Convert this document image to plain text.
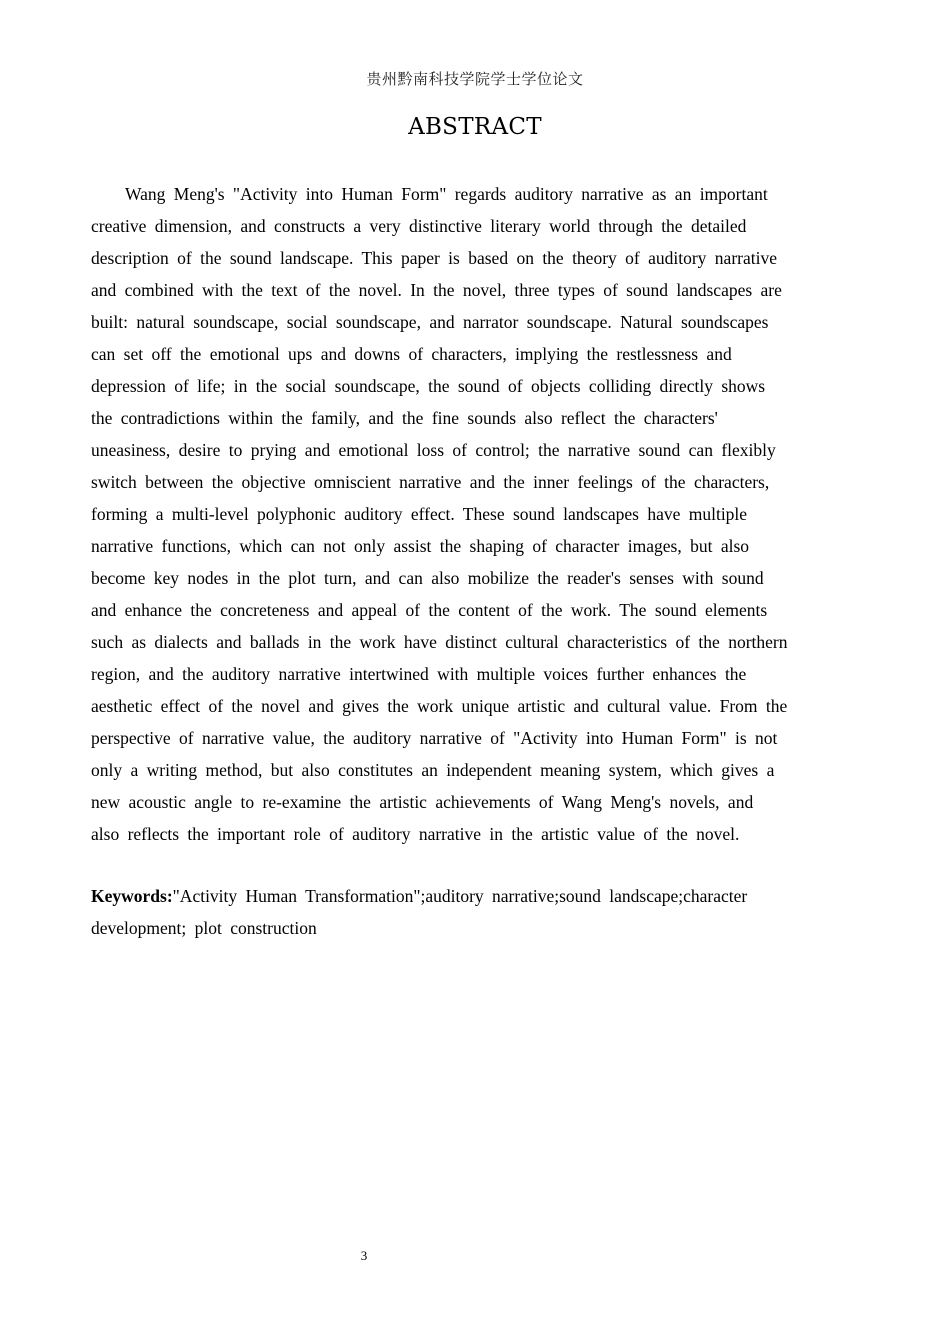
贵州黔南科技学院学士学位论文
ABSTRACT
Wang Meng's "Activity into Human Form" regards auditory narrative as an important
creative dimension, and constructs a very distinctive literary world through the detailed
description of the sound landscape. This paper is based on the theory of auditory narrative
and combined with the text of the novel. In the novel, three types of sound landscapes are
built: natural soundscape, social soundscape, and narrator soundscape. Natural soundscapes
can set off the emotional ups and downs of characters, implying the restlessness and
depression of life; in the social soundscape, the sound of objects colliding directly shows
the contradictions within the family, and the fine sounds also reflect the characters'
uneasiness, desire to prying and emotional loss of control; the narrative sound can flexibly
switch between the objective omniscient narrative and the inner feelings of the characters,
forming a multi-level polyphonic auditory effect. These sound landscapes have multiple
narrative functions, which can not only assist the shaping of character images, but also
become key nodes in the plot turn, and can also mobilize the reader's senses with sound
and enhance the concreteness and appeal of the content of the work. The sound elements
such as dialects and ballads in the work have distinct cultural characteristics of the northern
region, and the auditory narrative intertwined with multiple voices further enhances the
aesthetic effect of the novel and gives the work unique artistic and cultural value. From the
perspective of narrative value, the auditory narrative of "Activity into Human Form" is not
only a writing method, but also constitutes an independent meaning system, which gives a
new acoustic angle to re-examine the artistic achievements of Wang Meng's novels, and
also reflects the important role of auditory narrative in the artistic value of the novel.
Keywords:"Activity Human Transformation";auditory narrative;sound landscape;character
development; plot construction
3
